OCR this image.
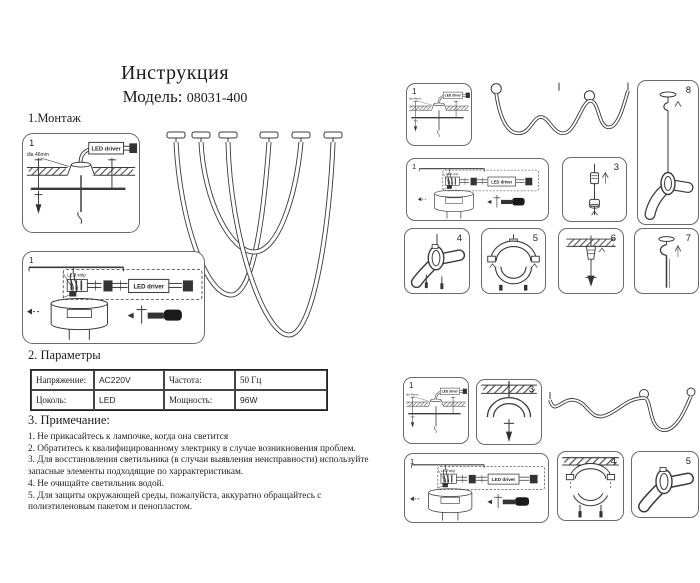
Инструкция
Модель: 08031-400
1.Монтаж
1
1
2. Параметры
Напряжение:	AC220V	Частота:	50 Гц
Цоколь:	LED	Мощность:	96W
3. Примечание:

1. Не прикасайтесь к лампочке, когда она светится

2. Обратитесь к квалифицированному электрику в случае возникновения проблем.

3. Для восстановления светильника (в случаи выявления неисправности) используйте запасные элементы подходящие по харрактеристикам.

4. Не очищайте светильник водой.

5. Для защиты окружающей среды, пожалуйста, аккуратно обращайтесь с полиэтиленовым пакетом и пенопластом.

1	8
1	3
4	5	6	7
1	3
1	4	5
